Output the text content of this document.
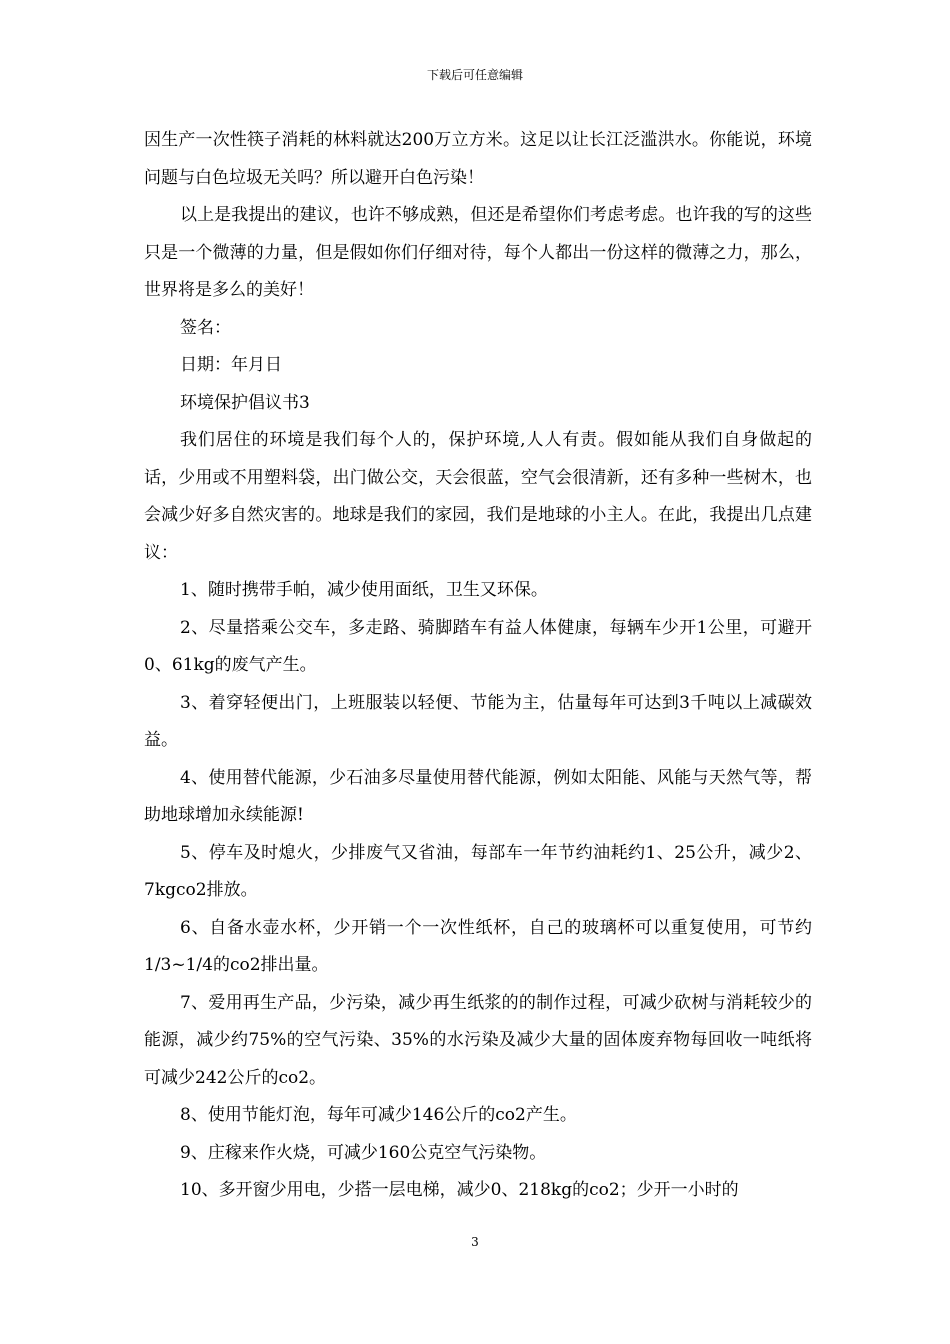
下载后可任意编辑

因生产一次性筷子消耗的林料就达200万立方米。这足以让长江泛滥洪水。你能说，环境问题与白色垃圾无关吗？所以避开白色污染！

以上是我提出的建议，也许不够成熟，但还是希望你们考虑考虑。也许我的写的这些只是一个微薄的力量，但是假如你们仔细对待，每个人都出一份这样的微薄之力，那么，世界将是多么的美好！

签名：

日期：年月日

环境保护倡议书3

我们居住的环境是我们每个人的，保护环境,人人有责。假如能从我们自身做起的话，少用或不用塑料袋，出门做公交，天会很蓝，空气会很清新，还有多种一些树木，也会减少好多自然灾害的。地球是我们的家园，我们是地球的小主人。在此，我提出几点建议：

1、随时携带手帕，减少使用面纸，卫生又环保。

2、尽量搭乘公交车，多走路、骑脚踏车有益人体健康，每辆车少开1公里，可避开0、61kg的废气产生。

3、着穿轻便出门，上班服装以轻便、节能为主，估量每年可达到3千吨以上减碳效益。

4、使用替代能源，少石油多尽量使用替代能源，例如太阳能、风能与天然气等，帮助地球增加永续能源!

5、停车及时熄火，少排废气又省油，每部车一年节约油耗约1、25公升，减少2、7kgco2排放。

6、自备水壶水杯，少开销一个一次性纸杯，自己的玻璃杯可以重复使用，可节约1/3~1/4的co2排出量。

7、爱用再生产品，少污染，减少再生纸浆的的制作过程，可减少砍树与消耗较少的能源，减少约75%的空气污染、35%的水污染及减少大量的固体废弃物每回收一吨纸将可减少242公斤的co2。

8、使用节能灯泡，每年可减少146公斤的co2产生。

9、庄稼来作火烧，可减少160公克空气污染物。

10、多开窗少用电，少搭一层电梯，减少0、218kg的co2；少开一小时的

3
